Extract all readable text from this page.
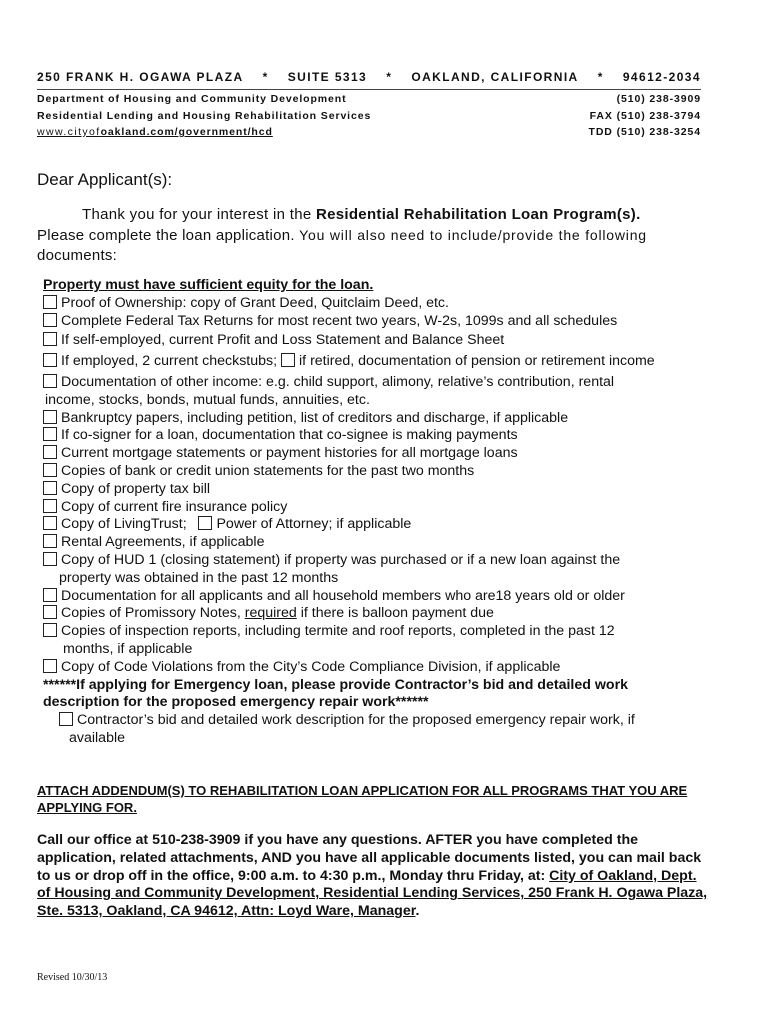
250 FRANK H. OGAWA PLAZA * SUITE 5313 * OAKLAND, CALIFORNIA * 94612-2034
Department of Housing and Community Development
Residential Lending and Housing Rehabilitation Services
www.cityofoakland.com/government/hcd
(510) 238-3909
FAX (510) 238-3794
TDD (510) 238-3254
Dear Applicant(s):
Thank you for your interest in the Residential Rehabilitation Loan Program(s).
Please complete the loan application. You will also need to include/provide the following
documents:
Property must have sufficient equity for the loan.
Proof of Ownership: copy of Grant Deed, Quitclaim Deed, etc.
Complete Federal Tax Returns for most recent two years, W-2s, 1099s and all schedules
If self-employed, current Profit and Loss Statement and Balance Sheet
If employed, 2 current checkstubs; if retired, documentation of pension or retirement income
Documentation of other income: e.g. child support, alimony, relative’s contribution, rental
income, stocks, bonds, mutual funds, annuities, etc.
Bankruptcy papers, including petition, list of creditors and discharge, if applicable
If co-signer for a loan, documentation that co-signee is making payments
Current mortgage statements or payment histories for all mortgage loans
Copies of bank or credit union statements for the past two months
Copy of property tax bill
Copy of current fire insurance policy
Copy of LivingTrust; Power of Attorney; if applicable
Rental Agreements, if applicable
Copy of HUD 1 (closing statement) if property was purchased or if a new loan against the
property was obtained in the past 12 months
Documentation for all applicants and all household members who are18 years old or older
Copies of Promissory Notes, required if there is balloon payment due
Copies of inspection reports, including termite and roof reports, completed in the past 12
months, if applicable
Copy of Code Violations from the City’s Code Compliance Division, if applicable
******If applying for Emergency loan, please provide Contractor’s bid and detailed work
description for the proposed emergency repair work******
Contractor’s bid and detailed work description for the proposed emergency repair work, if
available
ATTACH ADDENDUM(S) TO REHABILITATION LOAN APPLICATION FOR ALL PROGRAMS THAT YOU ARE APPLYING FOR.
Call our office at 510-238-3909 if you have any questions. AFTER you have completed the application, related attachments, AND you have all applicable documents listed, you can mail back to us or drop off in the office, 9:00 a.m. to 4:30 p.m., Monday thru Friday, at: City of Oakland, Dept. of Housing and Community Development, Residential Lending Services, 250 Frank H. Ogawa Plaza, Ste. 5313, Oakland, CA 94612, Attn: Loyd Ware, Manager.
Revised 10/30/13
